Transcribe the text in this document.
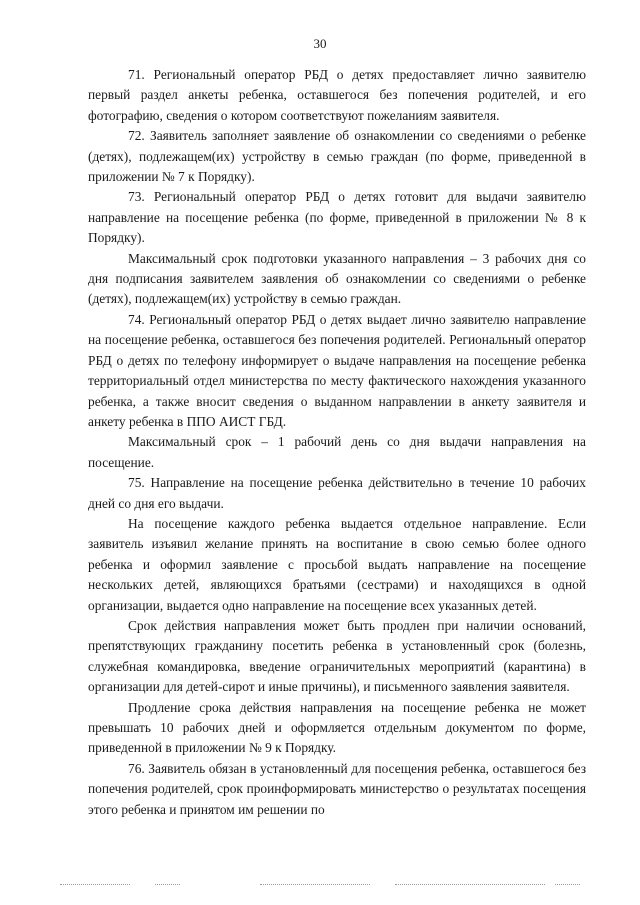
30

71. Региональный оператор РБД о детях предоставляет лично заявителю первый раздел анкеты ребенка, оставшегося без попечения родителей, и его фотографию, сведения о котором соответствуют пожеланиям заявителя.

72. Заявитель заполняет заявление об ознакомлении со сведениями о ребенке (детях), подлежащем(их) устройству в семью граждан (по форме, приведенной в приложении № 7 к Порядку).

73. Региональный оператор РБД о детях готовит для выдачи заявителю направление на посещение ребенка (по форме, приведенной в приложении № 8 к Порядку).

Максимальный срок подготовки указанного направления – 3 рабочих дня со дня подписания заявителем заявления об ознакомлении со сведениями о ребенке (детях), подлежащем(их) устройству в семью граждан.

74. Региональный оператор РБД о детях выдает лично заявителю направление на посещение ребенка, оставшегося без попечения родителей. Региональный оператор РБД о детях по телефону информирует о выдаче направления на посещение ребенка территориальный отдел министерства по месту фактического нахождения указанного ребенка, а также вносит сведения о выданном направлении в анкету заявителя и анкету ребенка в ППО АИСТ ГБД.

Максимальный срок – 1 рабочий день со дня выдачи направления на посещение.

75. Направление на посещение ребенка действительно в течение 10 рабочих дней со дня его выдачи.

На посещение каждого ребенка выдается отдельное направление. Если заявитель изъявил желание принять на воспитание в свою семью более одного ребенка и оформил заявление с просьбой выдать направление на посещение нескольких детей, являющихся братьями (сестрами) и находящихся в одной организации, выдается одно направление на посещение всех указанных детей.

Срок действия направления может быть продлен при наличии оснований, препятствующих гражданину посетить ребенка в установленный срок (болезнь, служебная командировка, введение ограничительных мероприятий (карантина) в организации для детей-сирот и иные причины), и письменного заявления заявителя.

Продление срока действия направления на посещение ребенка не может превышать 10 рабочих дней и оформляется отдельным документом по форме, приведенной в приложении № 9 к Порядку.

76. Заявитель обязан в установленный для посещения ребенка, оставшегося без попечения родителей, срок проинформировать министерство о результатах посещения этого ребенка и принятом им решении по
